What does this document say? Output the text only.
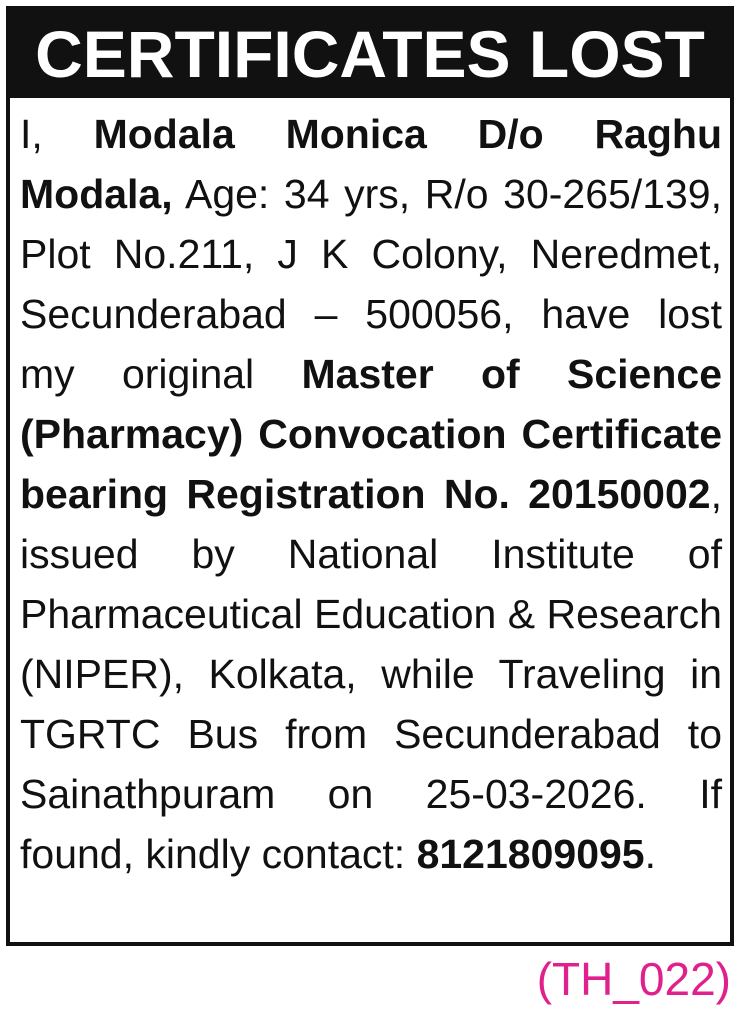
CERTIFICATES LOST

I, Modala Monica D/o Raghu Modala, Age: 34 yrs, R/o 30-265/139, Plot No.211, J K Colony, Neredmet, Secunderabad – 500056, have lost my original Master of Science (Pharmacy) Convocation Certificate bearing Registration No. 20150002, issued by National Institute of Pharmaceutical Education & Research (NIPER), Kolkata, while Traveling in TGRTC Bus from Secunderabad to Sainathpuram on 25-03-2026. If found, kindly contact: 8121809095.

(TH_022)
